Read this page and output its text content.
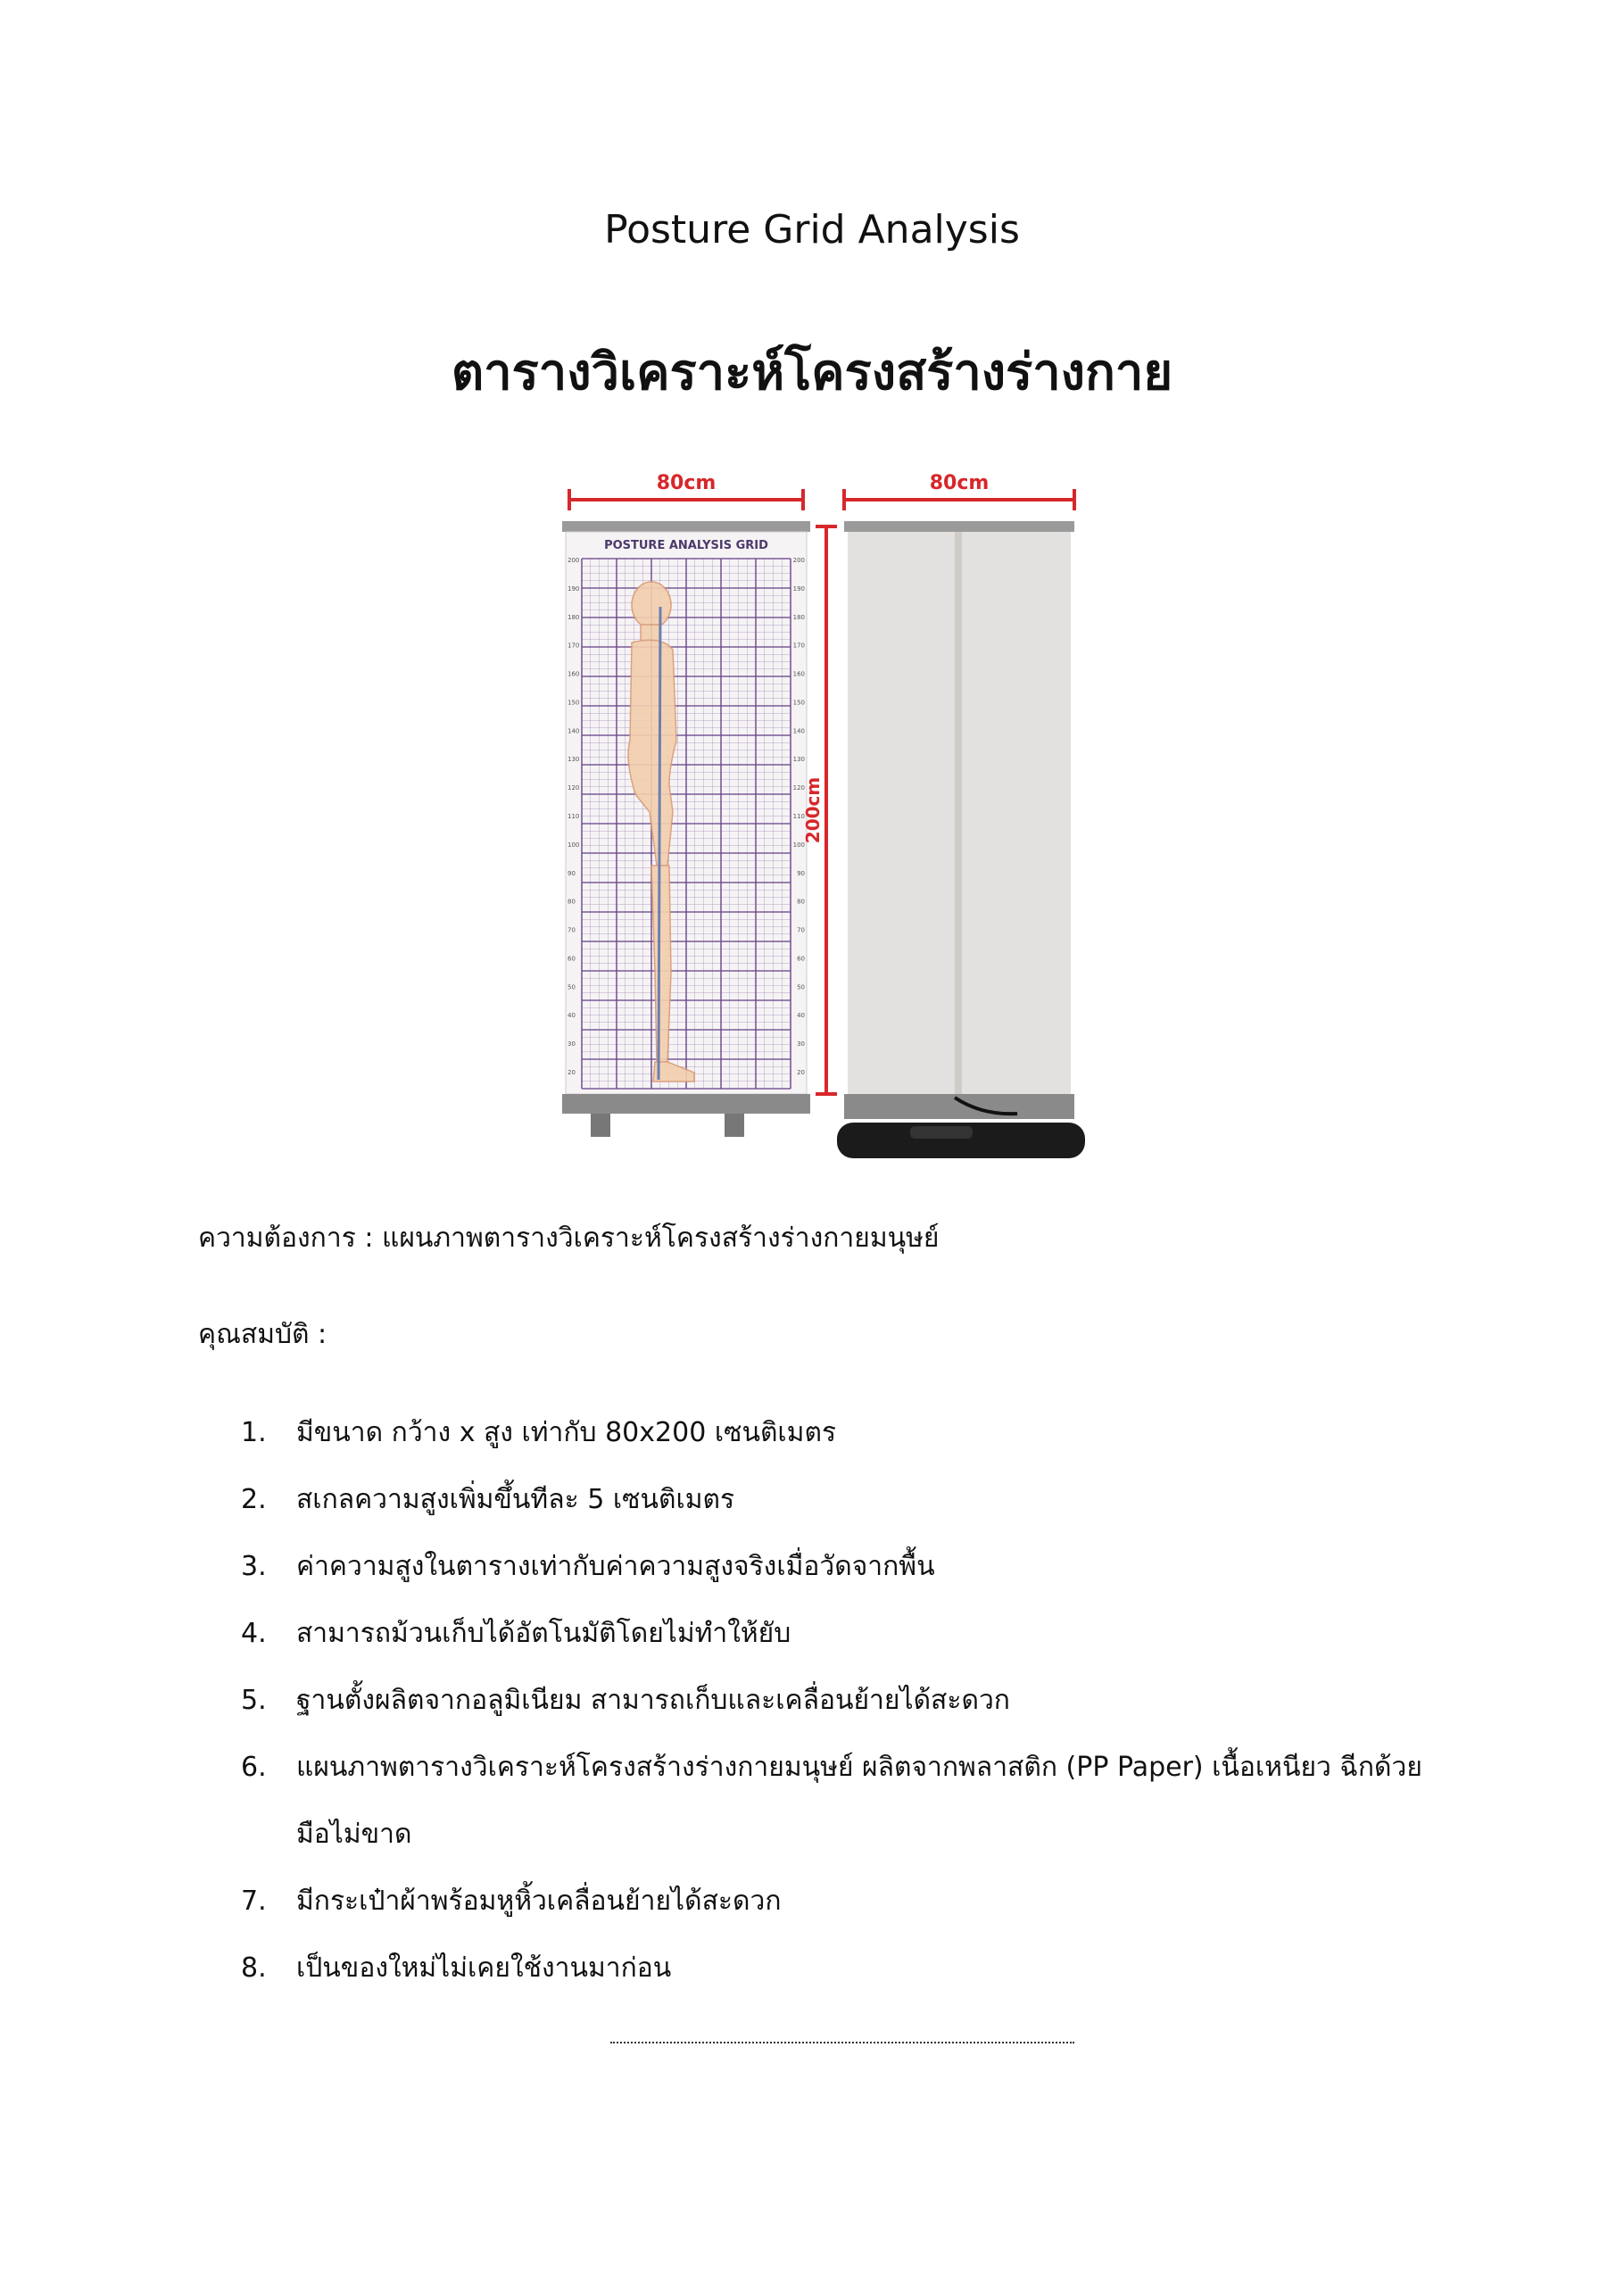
Posture Grid Analysis
ตารางวิเคราะห์โครงสร้างร่างกาย
80cm	80cm
POSTURE ANALYSIS GRID
200
190
180
170
160
150
140
130
120
110
100
90
80
70
60
50
40
30
20
200
190
180
170
160
150
140
130
120
110
100
90
80
70
60
50
40
30
20
200cm
ความต้องการ : แผนภาพตารางวิเคราะห์โครงสร้างร่างกายมนุษย์
คุณสมบัติ :
1. มีขนาด กว้าง x สูง เท่ากับ 80x200 เซนติเมตร
2. สเกลความสูงเพิ่มขึ้นทีละ 5 เซนติเมตร
3. ค่าความสูงในตารางเท่ากับค่าความสูงจริงเมื่อวัดจากพื้น
4. สามารถม้วนเก็บได้อัตโนมัติโดยไม่ทำให้ยับ
5. ฐานตั้งผลิตจากอลูมิเนียม สามารถเก็บและเคลื่อนย้ายได้สะดวก
6. แผนภาพตารางวิเคราะห์โครงสร้างร่างกายมนุษย์ ผลิตจากพลาสติก (PP Paper) เนื้อเหนียว ฉีกด้วยมือไม่ขาด
7. มีกระเป๋าผ้าพร้อมหูหิ้วเคลื่อนย้ายได้สะดวก
8. เป็นของใหม่ไม่เคยใช้งานมาก่อน
